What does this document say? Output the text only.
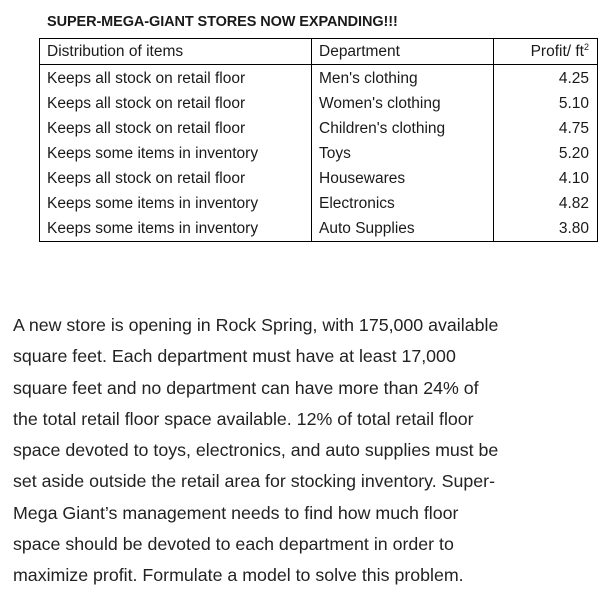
SUPER-MEGA-GIANT STORES NOW EXPANDING!!!
Distribution of items	Department	Profit/ $ft^2$
Keeps all stock on retail floor	Men's clothing	4.25
Keeps all stock on retail floor	Women's clothing	5.10
Keeps all stock on retail floor	Children's clothing	4.75
Keeps some items in inventory	Toys	5.20
Keeps all stock on retail floor	Housewares	4.10
Keeps some items in inventory	Electronics	4.82
Keeps some items in inventory	Auto Supplies	3.80
A new store is opening in Rock Spring, with 175,000 available
square feet. Each department must have at least 17,000
square feet and no department can have more than 24% of
the total retail floor space available. 12% of total retail floor
space devoted to toys, electronics, and auto supplies must be
set aside outside the retail area for stocking inventory. Super-
Mega Giant’s management needs to find how much floor
space should be devoted to each department in order to
maximize profit. Formulate a model to solve this problem.
